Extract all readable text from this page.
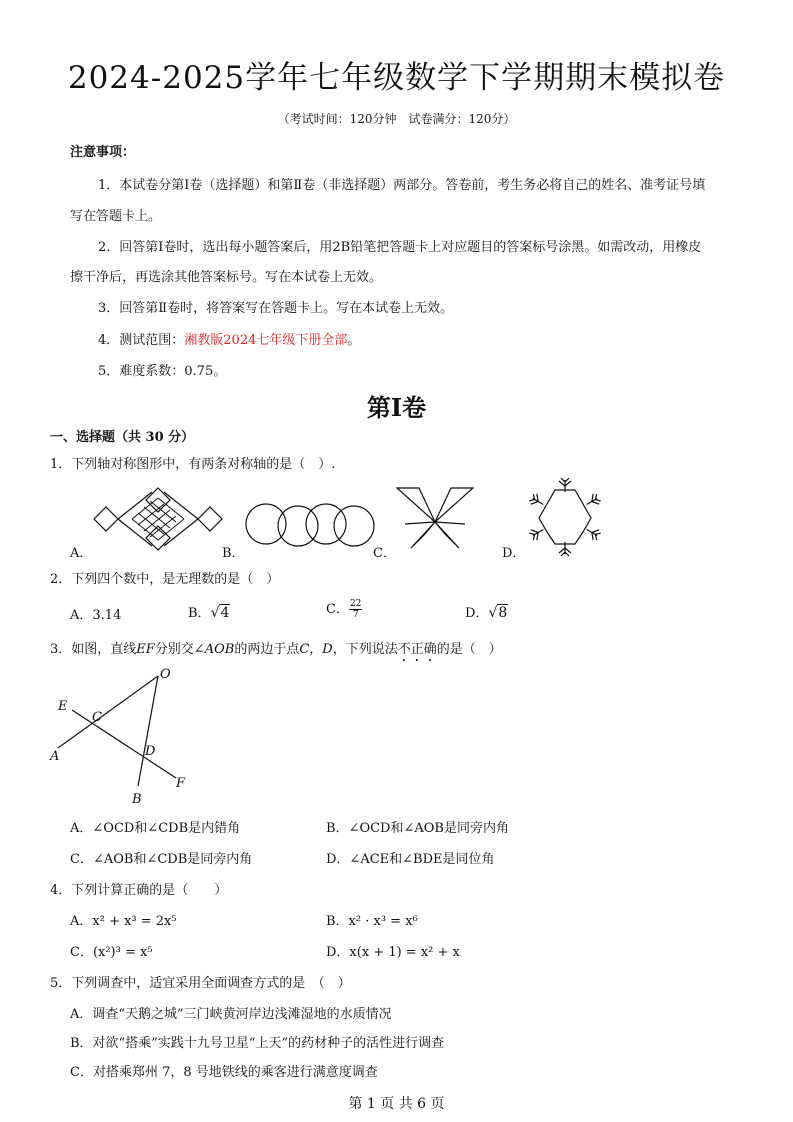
2024-2025学年七年级数学下学期期末模拟卷
（考试时间：120分钟　试卷满分：120分）
注意事项：
1．本试卷分第Ⅰ卷（选择题）和第Ⅱ卷（非选择题）两部分。答卷前，考生务必将自己的姓名、准考证号填
写在答题卡上。
2．回答第Ⅰ卷时，选出每小题答案后，用2B铅笔把答题卡上对应题目的答案标号涂黑。如需改动，用橡皮
擦干净后，再选涂其他答案标号。写在本试卷上无效。
3．回答第Ⅱ卷时，将答案写在答题卡上。写在本试卷上无效。
4．测试范围：湘教版2024七年级下册全部。
5．难度系数：0.75。
第Ⅰ卷
一、选择题（共 30 分）
1．下列轴对称图形中，有两条对称轴的是（　）.
A．	B．	C．	D．
2．下列四个数中，是无理数的是（　）
A．3.14	B．√4	C． $\frac{22}{7}$	D．√8
3．如图，直线EF分别交∠AOB的两边于点C，D，下列说法不正确的是（　）
O
E
C
A	D
F
B
A．∠OCD和∠CDB是内错角	B．∠OCD和∠AOB是同旁内角
C．∠AOB和∠CDB是同旁内角	D．∠ACE和∠BDE是同位角
4．下列计算正确的是（　　）
A．x² + x³ = 2x⁵	B．x² · x³ = x⁶
C．(x²)³ = x⁵	D．x(x + 1) = x² + x
5．下列调查中，适宜采用全面调查方式的是　（　）
A．调查“天鹅之城”三门峡黄河岸边浅滩湿地的水质情况
B．对欲“搭乘”实践十九号卫星“上天”的药材种子的活性进行调查
C．对搭乘郑州 7，8 号地铁线的乘客进行满意度调查
第 1 页 共 6 页
